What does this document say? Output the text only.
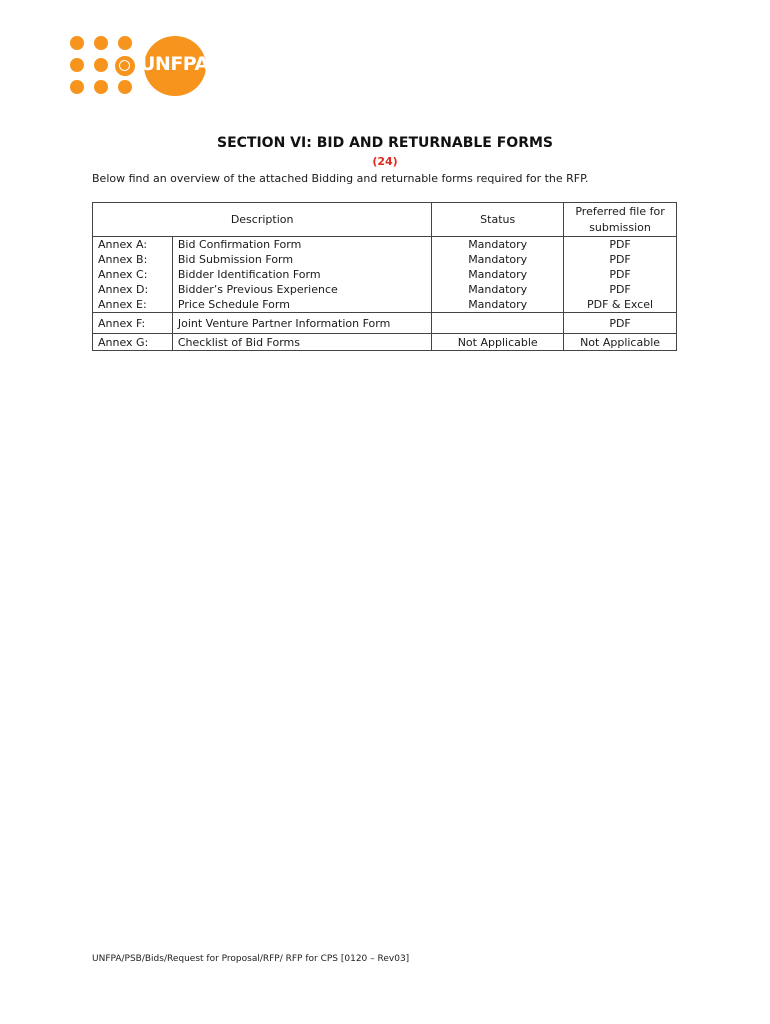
UNFPA
SECTION VI: BID AND RETURNABLE FORMS
(24)
Below find an overview of the attached Bidding and returnable forms required for the RFP.
Description		Status	Preferred file for submission
Annex A:	Bid Confirmation Form	Mandatory	PDF
Annex B:	Bid Submission Form	Mandatory	PDF
Annex C:	Bidder Identification Form	Mandatory	PDF
Annex D:	Bidder’s Previous Experience	Mandatory	PDF
Annex E:	Price Schedule Form	Mandatory	PDF & Excel
Annex F:	Joint Venture Partner Information Form		PDF
Annex G:	Checklist of Bid Forms	Not Applicable	Not Applicable
UNFPA/PSB/Bids/Request for Proposal/RFP/ RFP for CPS [0120 – Rev03]
